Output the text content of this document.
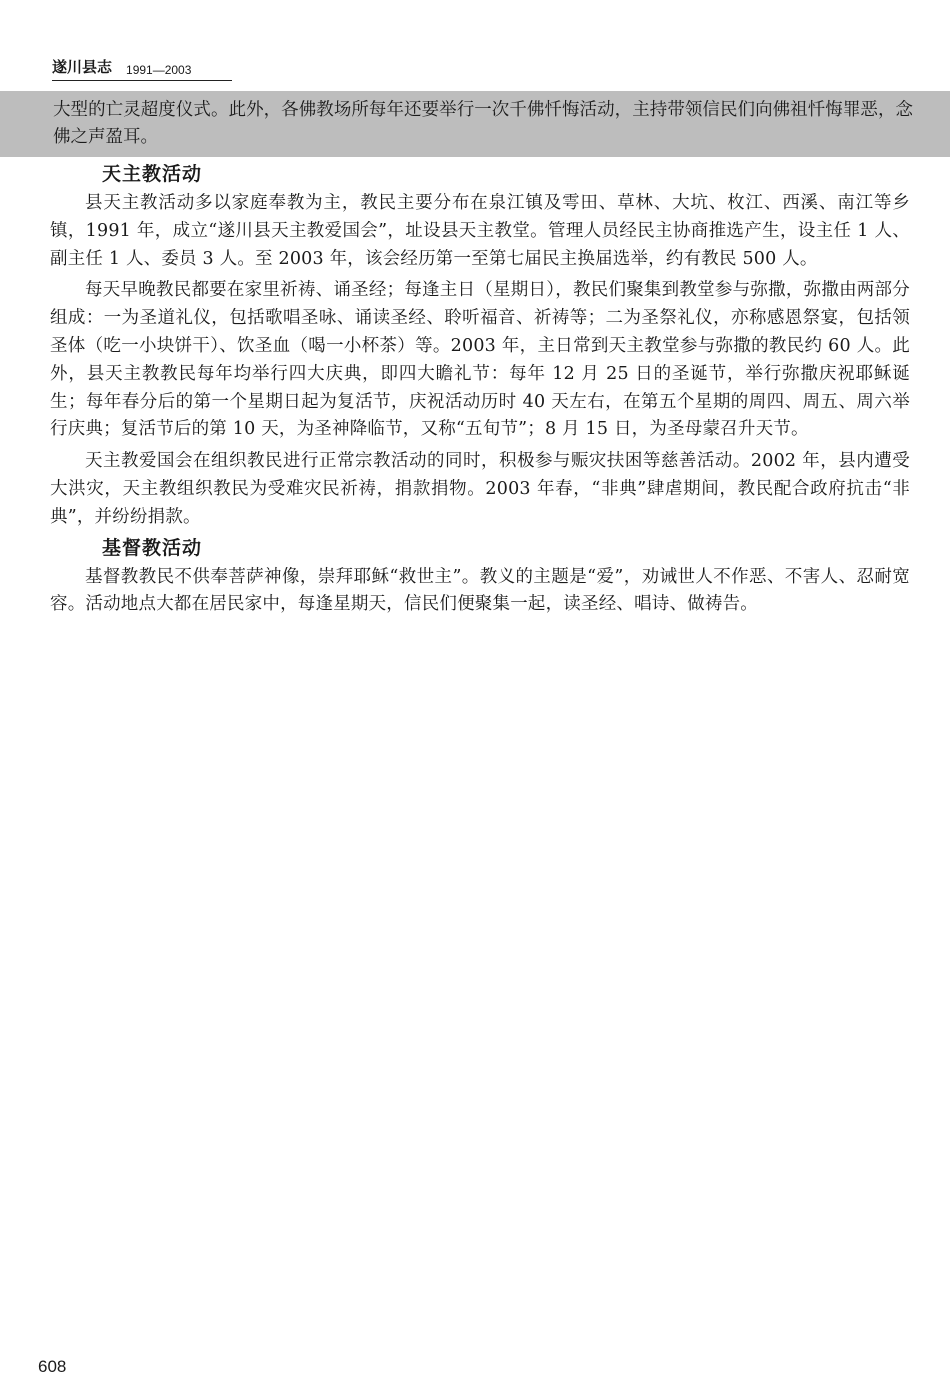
遂川县志 1991—2003

大型的亡灵超度仪式。此外，各佛教场所每年还要举行一次千佛忏悔活动，主持带领信民们向佛祖忏悔罪恶，念佛之声盈耳。

天主教活动

县天主教活动多以家庭奉教为主，教民主要分布在泉江镇及雩田、草林、大坑、枚江、西溪、南江等乡镇，1991 年，成立“遂川县天主教爱国会”，址设县天主教堂。管理人员经民主协商推选产生，设主任 1 人、副主任 1 人、委员 3 人。至 2003 年，该会经历第一至第七届民主换届选举，约有教民 500 人。

每天早晚教民都要在家里祈祷、诵圣经；每逢主日（星期日），教民们聚集到教堂参与弥撒，弥撒由两部分组成：一为圣道礼仪，包括歌唱圣咏、诵读圣经、聆听福音、祈祷等；二为圣祭礼仪，亦称感恩祭宴，包括领圣体（吃一小块饼干）、饮圣血（喝一小杯茶）等。2003 年，主日常到天主教堂参与弥撒的教民约 60 人。此外，县天主教教民每年均举行四大庆典，即四大瞻礼节：每年 12 月 25 日的圣诞节，举行弥撒庆祝耶稣诞生；每年春分后的第一个星期日起为复活节，庆祝活动历时 40 天左右，在第五个星期的周四、周五、周六举行庆典；复活节后的第 10 天，为圣神降临节，又称“五旬节”；8 月 15 日，为圣母蒙召升天节。

天主教爱国会在组织教民进行正常宗教活动的同时，积极参与赈灾扶困等慈善活动。2002 年，县内遭受大洪灾，天主教组织教民为受难灾民祈祷，捐款捐物。2003 年春，“非典”肆虐期间，教民配合政府抗击“非典”，并纷纷捐款。

基督教活动

基督教教民不供奉菩萨神像，崇拜耶稣“救世主”。教义的主题是“爱”，劝诫世人不作恶、不害人、忍耐宽容。活动地点大都在居民家中，每逢星期天，信民们便聚集一起，读圣经、唱诗、做祷告。

608
